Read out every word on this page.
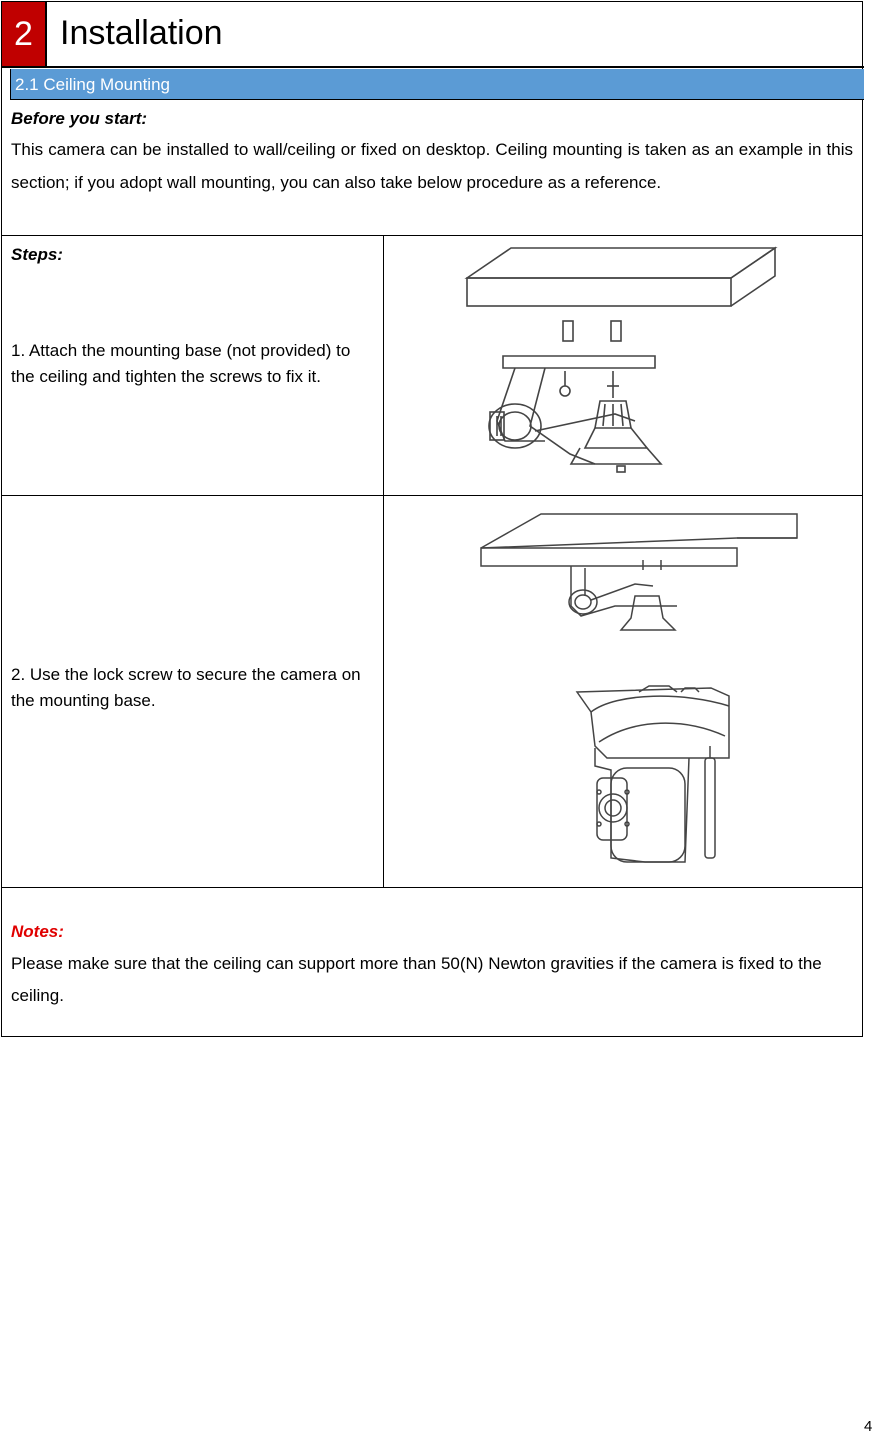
2 Installation
2.1 Ceiling Mounting
Before you start:
This camera can be installed to wall/ceiling or fixed on desktop. Ceiling mounting is taken as an example in this section; if you adopt wall mounting, you can also take below procedure as a reference.
Steps:
1. Attach the mounting base (not provided) to the ceiling and tighten the screws to fix it.
2. Use the lock screw to secure the camera on the mounting base.
Notes:
Please make sure that the ceiling can support more than 50(N) Newton gravities if the camera is fixed to the ceiling.
4
